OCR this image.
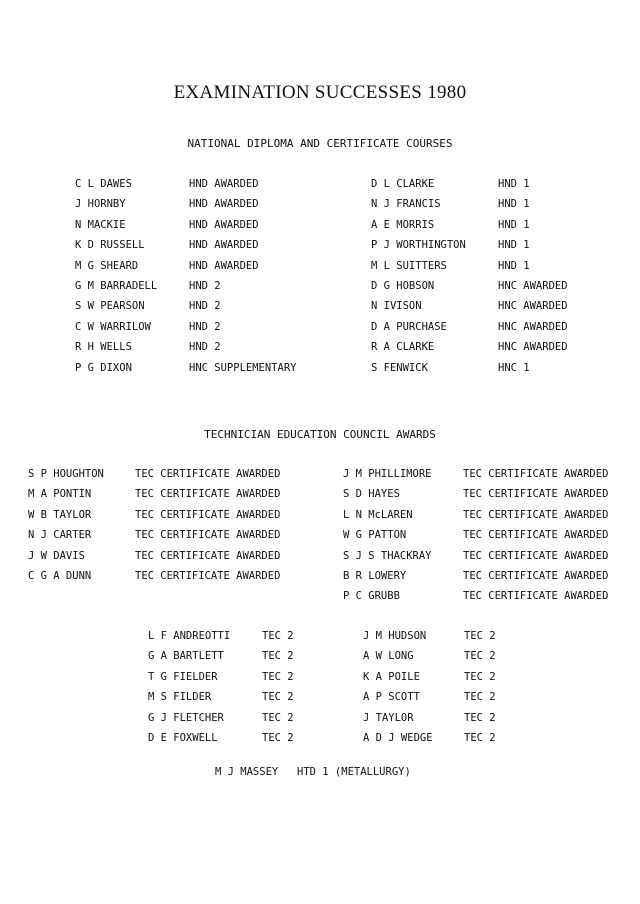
EXAMINATION SUCCESSES 1980
NATIONAL DIPLOMA AND CERTIFICATE COURSES
C L DAWES	HND AWARDED
J HORNBY	HND AWARDED
N MACKIE	HND AWARDED
K D RUSSELL	HND AWARDED
M G SHEARD	HND AWARDED
G M BARRADELL	HND 2
S W PEARSON	HND 2
C W WARRILOW	HND 2
R H WELLS	HND 2
P G DIXON	HNC SUPPLEMENTARY
D L CLARKE	HND 1
N J FRANCIS	HND 1
A E MORRIS	HND 1
P J WORTHINGTON	HND 1
M L SUITTERS	HND 1
D G HOBSON	HNC AWARDED
N IVISON	HNC AWARDED
D A PURCHASE	HNC AWARDED
R A CLARKE	HNC AWARDED
S FENWICK	HNC 1
TECHNICIAN EDUCATION COUNCIL AWARDS
S P HOUGHTON	TEC CERTIFICATE AWARDED
M A PONTIN	TEC CERTIFICATE AWARDED
W B TAYLOR	TEC CERTIFICATE AWARDED
N J CARTER	TEC CERTIFICATE AWARDED
J W DAVIS	TEC CERTIFICATE AWARDED
C G A DUNN	TEC CERTIFICATE AWARDED
J M PHILLIMORE	TEC CERTIFICATE AWARDED
S D HAYES	TEC CERTIFICATE AWARDED
L N McLAREN	TEC CERTIFICATE AWARDED
W G PATTON	TEC CERTIFICATE AWARDED
S J S THACKRAY	TEC CERTIFICATE AWARDED
B R LOWERY	TEC CERTIFICATE AWARDED
P C GRUBB	TEC CERTIFICATE AWARDED
L F ANDREOTTI	TEC 2
G A BARTLETT	TEC 2
T G FIELDER	TEC 2
M S FILDER	TEC 2
G J FLETCHER	TEC 2
D E FOXWELL	TEC 2
J M HUDSON	TEC 2
A W LONG	TEC 2
K A POILE	TEC 2
A P SCOTT	TEC 2
J TAYLOR	TEC 2
A D J WEDGE	TEC 2
M J MASSEY HTD 1 (METALLURGY)
